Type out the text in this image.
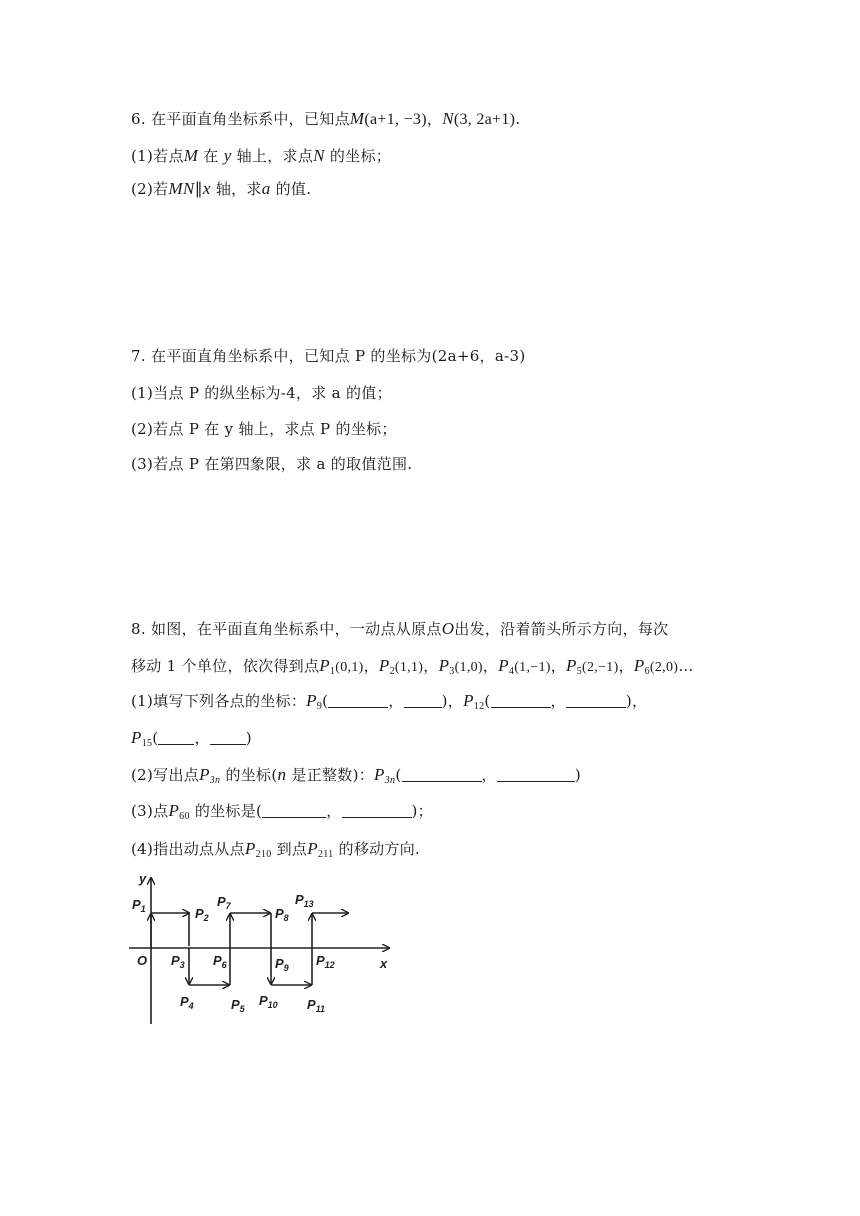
6. 在平面直角坐标系中，已知点M(a+1, −3)，N(3, 2a+1).
(1)若点M 在 y 轴上，求点N 的坐标；
(2)若MN∥x 轴，求a 的值.
7. 在平面直角坐标系中，已知点 P 的坐标为(2a+6，a-3)
(1)当点 P 的纵坐标为-4，求 a 的值；
(2)若点 P 在 y 轴上，求点 P 的坐标；
(3)若点 P 在第四象限，求 a 的取值范围.
8. 如图，在平面直角坐标系中，一动点从原点O出发，沿着箭头所示方向，每次
移动 1 个单位，依次得到点$P_1(0,1)$，$P_2(1,1)$，$P_3(1,0)$，$P_4(1,-1)$，$P_5(2,-1)$，$P_6(2,0)\dots$
(1)填写下列各点的坐标：$P_9$(	，	)，$P_{12}$(	，	)，
$P_{15}$( ， )
(2)写出点$P_{3n}$ 的坐标(n 是正整数)：$P_{3n}$(	，	)
(3)点$P_{60}$ 的坐标是(	，	)；
(4)指出动点从点$P_{210}$ 到点$P_{211}$ 的移动方向.
y
x
O
$P_1$	$P_2$
$P_3$
$P_4$	$P_5$
$P_6$
$P_7$	$P_8$
$P_9$
$P_{10}$ $P_{11}$
$P_{12}$
$P_{13}$
